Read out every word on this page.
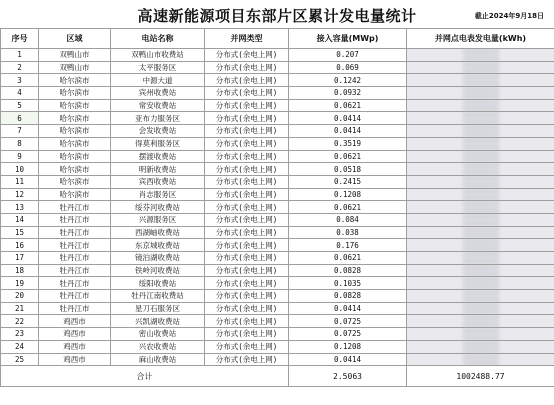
高速新能源项目东部片区累计发电量统计	截止2024年9月18日
序号	区域	电站名称	并网类型	接入容量(MWp)	并网点电表发电量(kWh)
1	双鸭山市	双鸭山市收费站	分布式(余电上网)	0.207	

2	双鸭山市	太平服务区	分布式(余电上网)	0.069	

3	哈尔滨市	中源大道	分布式(余电上网)	0.1242	

4	哈尔滨市	宾州收费站	分布式(余电上网)	0.0932	

5	哈尔滨市	常安收费站	分布式(余电上网)	0.0621	

6	哈尔滨市	亚布力服务区	分布式(余电上网)	0.0414	

7	哈尔滨市	会发收费站	分布式(余电上网)	0.0414	

8	哈尔滨市	得莫利服务区	分布式(余电上网)	0.3519	

9	哈尔滨市	摆渡收费站	分布式(余电上网)	0.0621	

10	哈尔滨市	明新收费站	分布式(余电上网)	0.0518	

11	哈尔滨市	宾西收费站	分布式(余电上网)	0.2415	

12	哈尔滨市	肖志服务区	分布式(余电上网)	0.1208	

13	牡丹江市	绥芬河收费站	分布式(余电上网)	0.0621	

14	牡丹江市	兴源服务区	分布式(余电上网)	0.084	

15	牡丹江市	西湖岫收费站	分布式(余电上网)	0.038	

16	牡丹江市	东京城收费站	分布式(余电上网)	0.176	

17	牡丹江市	镜泊湖收费站	分布式(余电上网)	0.0621	

18	牡丹江市	铁岭河收费站	分布式(余电上网)	0.0828	

19	牡丹江市	绥阳收费站	分布式(余电上网)	0.1035	

20	牡丹江市	牡丹江南收费站	分布式(余电上网)	0.0828	

21	牡丹江市	星刀石服务区	分布式(余电上网)	0.0414	

22	鸡西市	兴凯湖收费站	分布式(余电上网)	0.0725	

23	鸡西市	密山收费站	分布式(余电上网)	0.0725	

24	鸡西市	兴农收费站	分布式(余电上网)	0.1208	

25	鸡西市	麻山收费站	分布式(余电上网)	0.0414	

合计				2.5063	1002488.77
